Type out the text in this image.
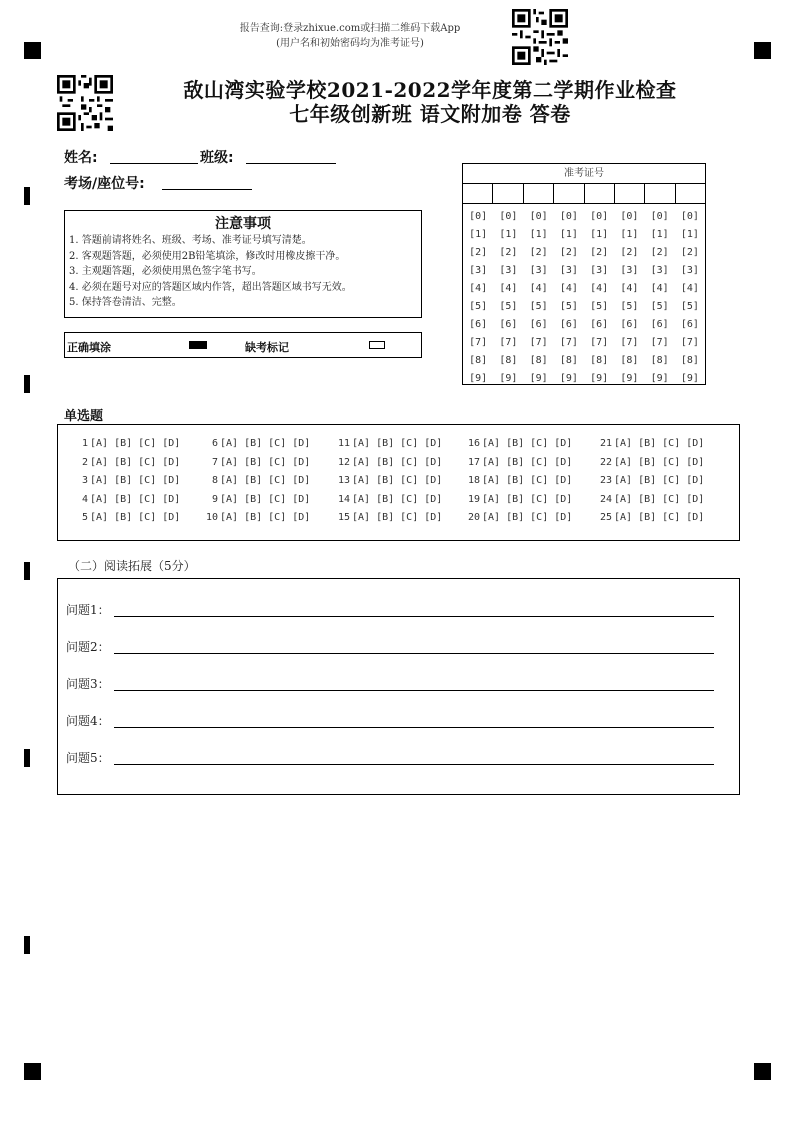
报告查询:登录zhixue.com或扫描二维码下载App
(用户名和初始密码均为准考证号)
敌山湾实验学校2021-2022学年度第二学期作业检查
七年级创新班 语文附加卷 答卷
姓名:	班级:
考场/座位号:
注意事项
1. 答题前请将姓名、班级、考场、准考证号填写清楚。
2. 客观题答题，必须使用2B铅笔填涂，修改时用橡皮擦干净。
3. 主观题答题，必须使用黑色签字笔书写。
4. 必须在题号对应的答题区域内作答，超出答题区域书写无效。
5. 保持答卷清洁、完整。
正确填涂	缺考标记
准考证号
[0]
[1]
[2]
[3]
[4]
[5]
[6]
[7]
[8]
[9]
[0]
[1]
[2]
[3]
[4]
[5]
[6]
[7]
[8]
[9]
[0]
[1]
[2]
[3]
[4]
[5]
[6]
[7]
[8]
[9]
[0]
[1]
[2]
[3]
[4]
[5]
[6]
[7]
[8]
[9]
[0]
[1]
[2]
[3]
[4]
[5]
[6]
[7]
[8]
[9]
[0]
[1]
[2]
[3]
[4]
[5]
[6]
[7]
[8]
[9]
[0]
[1]
[2]
[3]
[4]
[5]
[6]
[7]
[8]
[9]
[0]
[1]
[2]
[3]
[4]
[5]
[6]
[7]
[8]
[9]
单选题
1 [A] [B] [C] [D]
2 [A] [B] [C] [D]
3 [A] [B] [C] [D]
4 [A] [B] [C] [D]
5 [A] [B] [C] [D]
6 [A] [B] [C] [D]
7 [A] [B] [C] [D]
8 [A] [B] [C] [D]
9 [A] [B] [C] [D]
10 [A] [B] [C] [D]
11 [A] [B] [C] [D]
12 [A] [B] [C] [D]
13 [A] [B] [C] [D]
14 [A] [B] [C] [D]
15 [A] [B] [C] [D]
16 [A] [B] [C] [D]
17 [A] [B] [C] [D]
18 [A] [B] [C] [D]
19 [A] [B] [C] [D]
20 [A] [B] [C] [D]
21 [A] [B] [C] [D]
22 [A] [B] [C] [D]
23 [A] [B] [C] [D]
24 [A] [B] [C] [D]
25 [A] [B] [C] [D]
（二）阅读拓展（5分）
问题1：
问题2：
问题3：
问题4：
问题5：
